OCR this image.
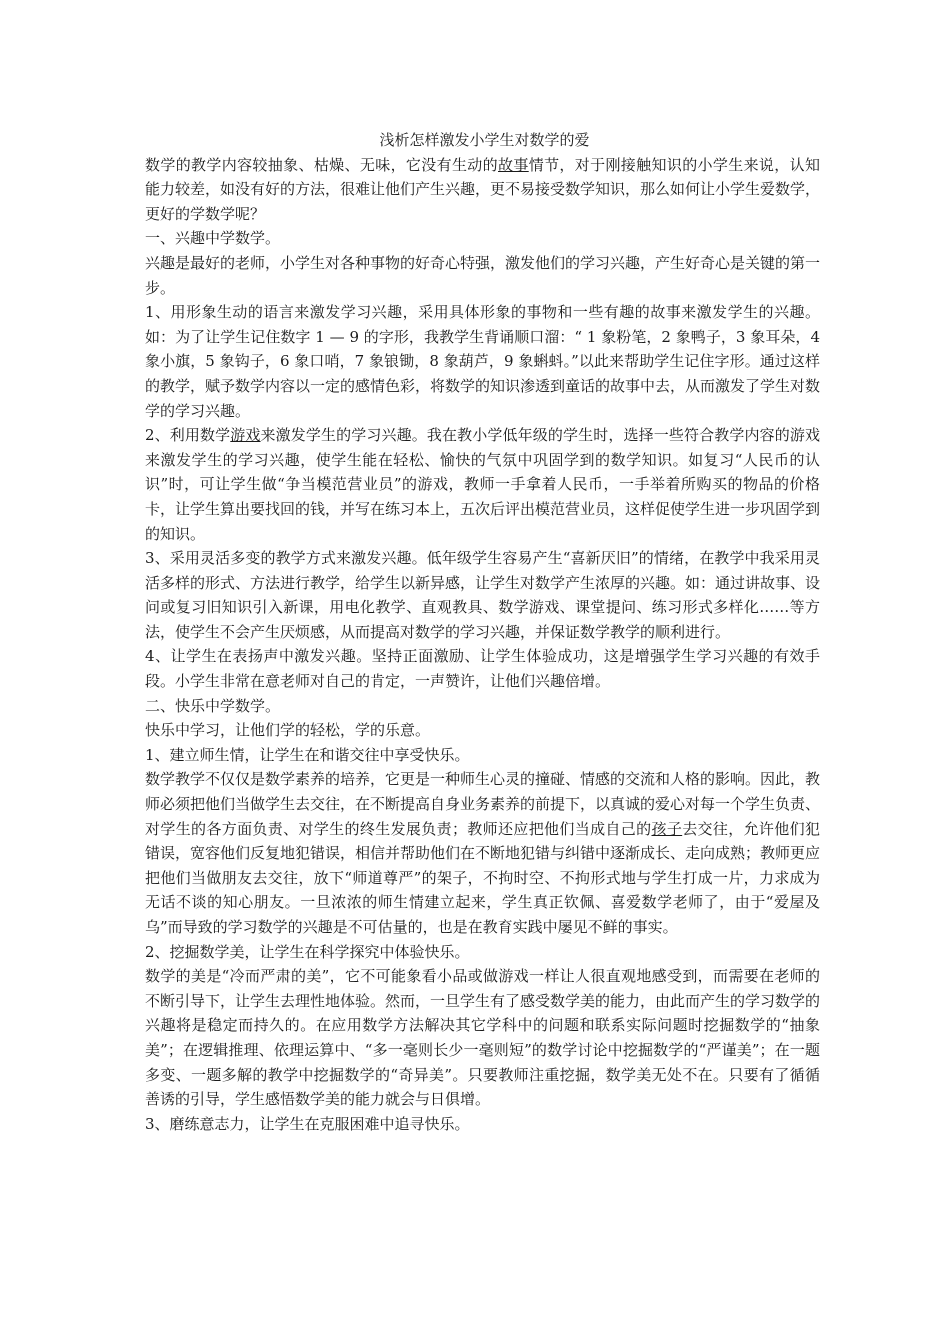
浅析怎样激发小学生对数学的爱

数学的教学内容较抽象、枯燥、无味，它没有生动的故事情节，对于刚接触知识的小学生来说，认知能力较差，如没有好的方法，很难让他们产生兴趣，更不易接受数学知识，那么如何让小学生爱数学，更好的学数学呢？

一、兴趣中学数学。

兴趣是最好的老师，小学生对各种事物的好奇心特强，激发他们的学习兴趣，产生好奇心是关键的第一步。

1、用形象生动的语言来激发学习兴趣，采用具体形象的事物和一些有趣的故事来激发学生的兴趣。如：为了让学生记住数字 1 — 9 的字形，我教学生背诵顺口溜：“ 1 象粉笔，2 象鸭子，3 象耳朵，4 象小旗，5 象钩子，6 象口哨，7 象锒锄，8 象葫芦，9 象蝌蚪。”以此来帮助学生记住字形。通过这样的教学，赋予数学内容以一定的感情色彩，将数学的知识渗透到童话的故事中去，从而激发了学生对数学的学习兴趣。

2、利用数学游戏来激发学生的学习兴趣。我在教小学低年级的学生时，选择一些符合教学内容的游戏来激发学生的学习兴趣，使学生能在轻松、愉快的气氛中巩固学到的数学知识。如复习“人民币的认识”时，可让学生做“争当模范营业员”的游戏，教师一手拿着人民币，一手举着所购买的物品的价格卡，让学生算出要找回的钱，并写在练习本上，五次后评出模范营业员，这样促使学生进一步巩固学到的知识。

3、采用灵活多变的教学方式来激发兴趣。低年级学生容易产生“喜新厌旧”的情绪，在教学中我采用灵活多样的形式、方法进行教学，给学生以新异感，让学生对数学产生浓厚的兴趣。如：通过讲故事、设问或复习旧知识引入新课，用电化教学、直观教具、数学游戏、课堂提问、练习形式多样化……等方法，使学生不会产生厌烦感，从而提高对数学的学习兴趣，并保证数学教学的顺利进行。

4、让学生在表扬声中激发兴趣。坚持正面激励、让学生体验成功，这是增强学生学习兴趣的有效手段。小学生非常在意老师对自己的肯定，一声赞许，让他们兴趣倍增。

二、快乐中学数学。

快乐中学习，让他们学的轻松，学的乐意。

1、建立师生情，让学生在和谐交往中享受快乐。

数学教学不仅仅是数学素养的培养，它更是一种师生心灵的撞碰、情感的交流和人格的影响。因此，教师必须把他们当做学生去交往，在不断提高自身业务素养的前提下，以真诚的爱心对每一个学生负责、对学生的各方面负责、对学生的终生发展负责；教师还应把他们当成自己的孩子去交往，允许他们犯错误，宽容他们反复地犯错误，相信并帮助他们在不断地犯错与纠错中逐渐成长、走向成熟；教师更应把他们当做朋友去交往，放下“师道尊严”的架子，不拘时空、不拘形式地与学生打成一片，力求成为无话不谈的知心朋友。一旦浓浓的师生情建立起来，学生真正钦佩、喜爱数学老师了，由于“爱屋及乌”而导致的学习数学的兴趣是不可估量的，也是在教育实践中屡见不鲜的事实。

2、挖掘数学美，让学生在科学探究中体验快乐。

数学的美是“冷而严肃的美”，它不可能象看小品或做游戏一样让人很直观地感受到，而需要在老师的不断引导下，让学生去理性地体验。然而，一旦学生有了感受数学美的能力，由此而产生的学习数学的兴趣将是稳定而持久的。在应用数学方法解决其它学科中的问题和联系实际问题时挖掘数学的“抽象美”；在逻辑推理、依理运算中、“多一毫则长少一毫则短”的数学讨论中挖掘数学的“严谨美”；在一题多变、一题多解的教学中挖掘数学的“奇异美”。只要教师注重挖掘，数学美无处不在。只要有了循循善诱的引导，学生感悟数学美的能力就会与日俱增。

3、磨练意志力，让学生在克服困难中追寻快乐。
